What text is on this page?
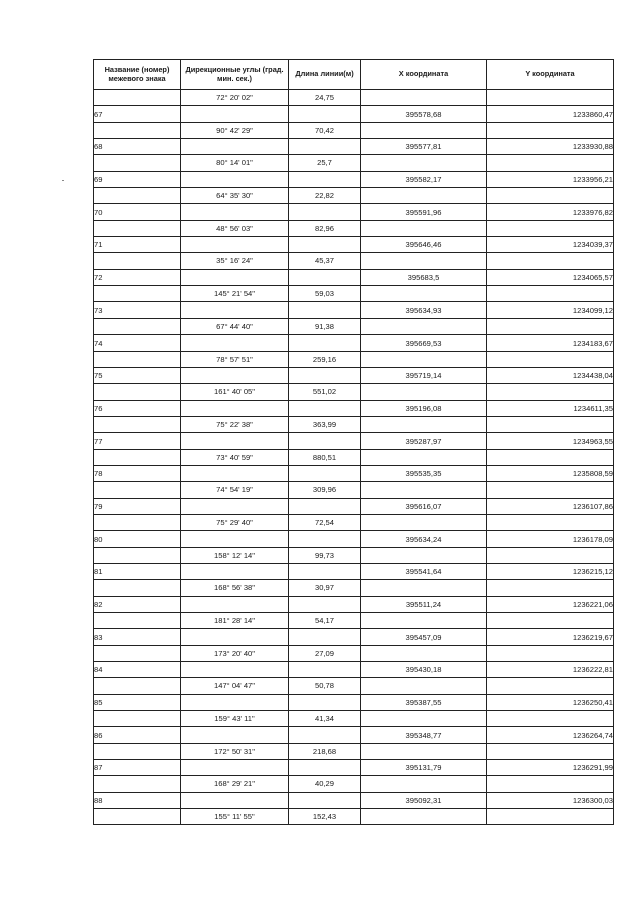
Название (номер) межевого знака	Дирекционные углы (град. мин. сек.)	Длина линии(м)	X координата	Y координата
	72° 20' 02"	24,75		
67			395578,68	1233860,47
	90° 42' 29"	70,42		
68			395577,81	1233930,88
	80° 14' 01"	25,7		
69			395582,17	1233956,21
	64° 35' 30"	22,82		
70			395591,96	1233976,82
	48° 56' 03"	82,96		
71			395646,46	1234039,37
	35° 16' 24"	45,37		
72			395683,5	1234065,57
	145° 21' 54"	59,03		
73			395634,93	1234099,12
	67° 44' 40"	91,38		
74			395669,53	1234183,67
	78° 57' 51"	259,16		
75			395719,14	1234438,04
	161° 40' 05"	551,02		
76			395196,08	1234611,35
	75° 22' 38"	363,99		
77			395287,97	1234963,55
	73° 40' 59"	880,51		
78			395535,35	1235808,59
	74° 54' 19"	309,96		
79			395616,07	1236107,86
	75° 29' 40"	72,54		
80			395634,24	1236178,09
	158° 12' 14"	99,73		
81			395541,64	1236215,12
	168° 56' 38"	30,97		
82			395511,24	1236221,06
	181° 28' 14"	54,17		
83			395457,09	1236219,67
	173° 20' 40"	27,09		
84			395430,18	1236222,81
	147° 04' 47"	50,78		
85			395387,55	1236250,41
	159° 43' 11"	41,34		
86			395348,77	1236264,74
	172° 50' 31"	218,68		
87			395131,79	1236291,99
	168° 29' 21"	40,29		
88			395092,31	1236300,03
	155° 11' 55"	152,43		
